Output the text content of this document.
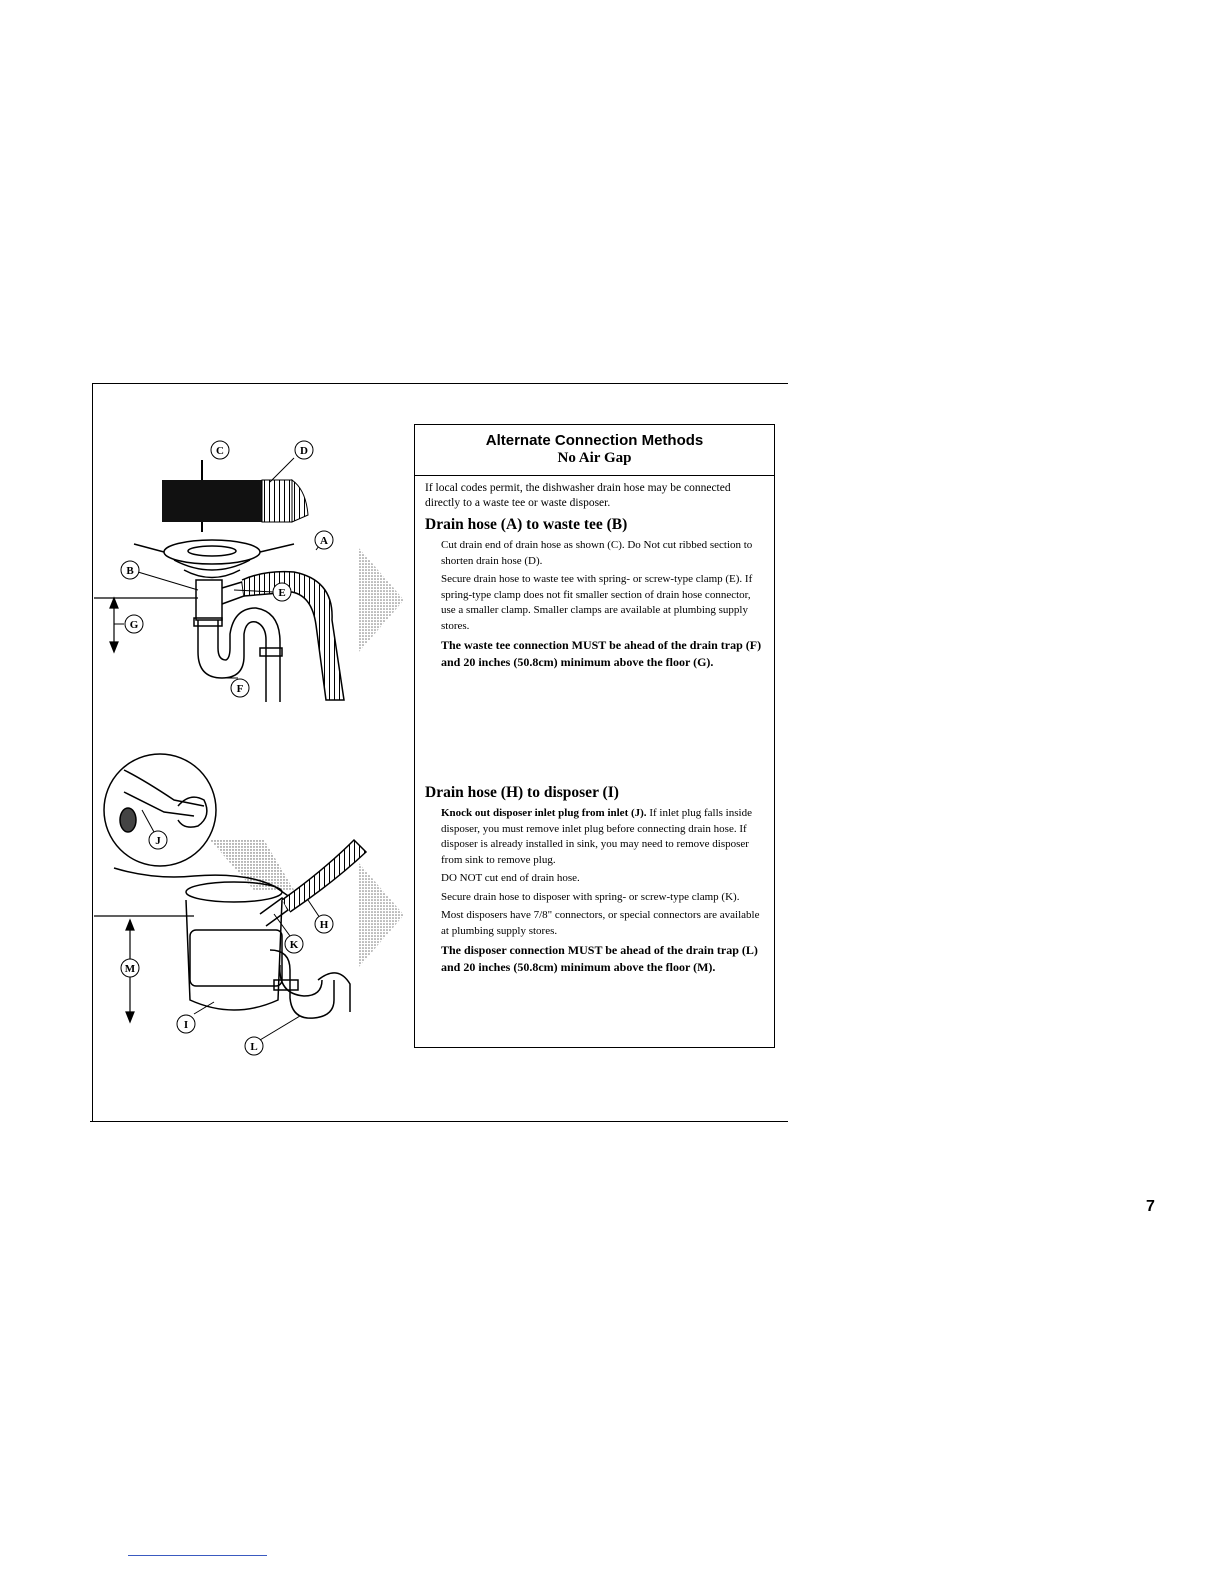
C	D
A
B
E
G
F
J
H
K
M
I
L
Alternate Connection Methods
No Air Gap
If local codes permit, the dishwasher drain hose may be connected directly to a waste tee or waste disposer.
Drain hose (A) to waste tee (B)
Cut drain end of drain hose as shown (C). Do Not cut ribbed section to shorten drain hose (D).
Secure drain hose to waste tee with spring- or screw-type clamp (E). If spring-type clamp does not fit smaller section of drain hose connector, use a smaller clamp. Smaller clamps are available at plumbing supply stores.
The waste tee connection MUST be ahead of the drain trap (F) and 20 inches (50.8cm) minimum above the floor (G).
Drain hose (H) to disposer (I)
Knock out disposer inlet plug from inlet (J). If inlet plug falls inside disposer, you must remove inlet plug before connecting drain hose. If disposer is already installed in sink, you may need to remove disposer from sink to remove plug.
DO NOT cut end of drain hose.
Secure drain hose to disposer with spring- or screw-type clamp (K).
Most disposers have 7/8" connectors, or special connectors are available at plumbing supply stores.
The disposer connection MUST be ahead of the drain trap (L) and 20 inches (50.8cm) minimum above the floor (M).
7
